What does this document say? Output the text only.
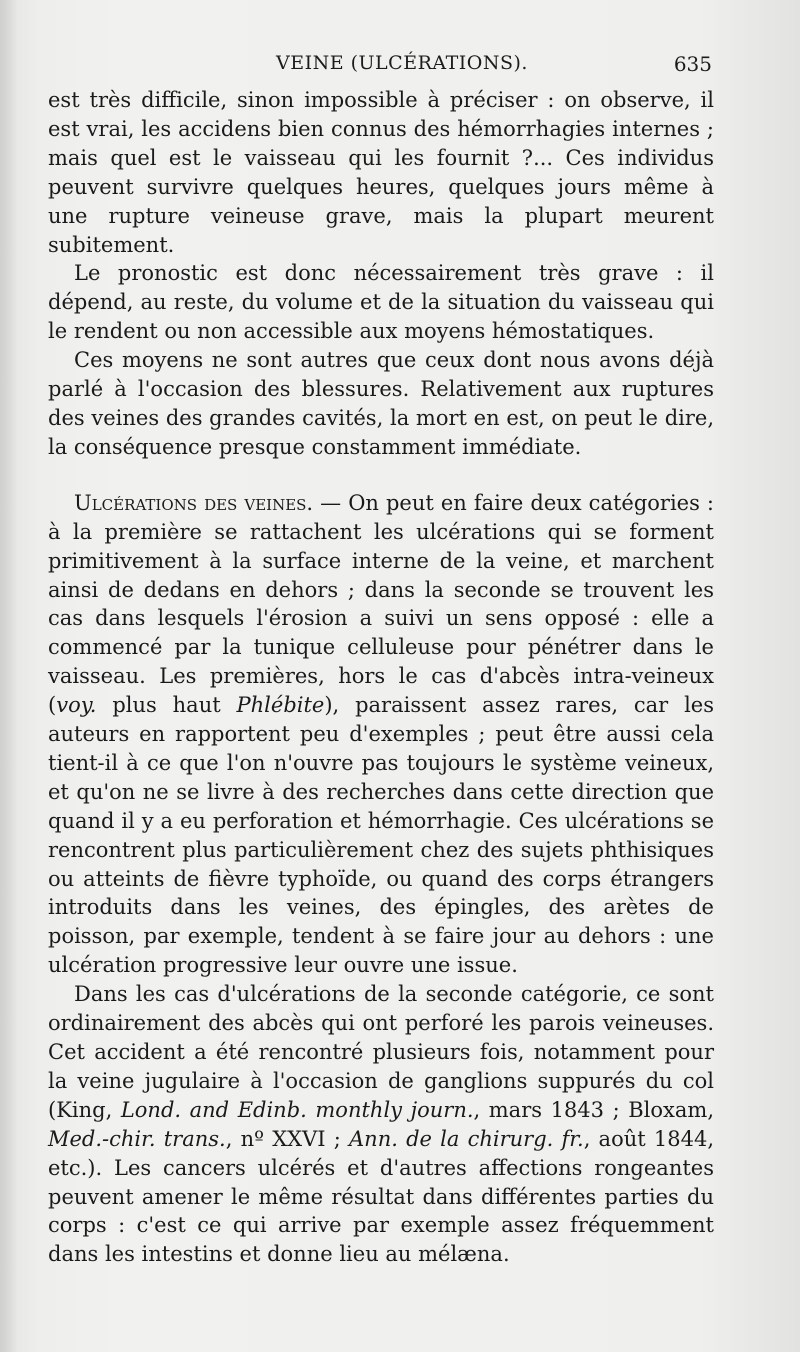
VEINE (ULCÉRATIONS).	635

est très difficile, sinon impossible à préciser : on observe, il est vrai, les accidens bien connus des hémorrhagies internes ; mais quel est le vaisseau qui les fournit ?... Ces individus peuvent survivre quelques heures, quelques jours même à une rupture veineuse grave, mais la plupart meurent subitement.

Le pronostic est donc nécessairement très grave : il dépend, au reste, du volume et de la situation du vaisseau qui le rendent ou non accessible aux moyens hémostatiques.

Ces moyens ne sont autres que ceux dont nous avons déjà parlé à l'occasion des blessures. Relativement aux ruptures des veines des grandes cavités, la mort en est, on peut le dire, la conséquence presque constamment immédiate.

Ulcérations des veines. — On peut en faire deux catégories : à la première se rattachent les ulcérations qui se forment primitivement à la surface interne de la veine, et marchent ainsi de dedans en dehors ; dans la seconde se trouvent les cas dans lesquels l'érosion a suivi un sens opposé : elle a commencé par la tunique celluleuse pour pénétrer dans le vaisseau. Les premières, hors le cas d'abcès intra-veineux (voy. plus haut Phlébite), paraissent assez rares, car les auteurs en rapportent peu d'exemples ; peut être aussi cela tient-il à ce que l'on n'ouvre pas toujours le système veineux, et qu'on ne se livre à des recherches dans cette direction que quand il y a eu perforation et hémorrhagie. Ces ulcérations se rencontrent plus particulièrement chez des sujets phthisiques ou atteints de fièvre typhoïde, ou quand des corps étrangers introduits dans les veines, des épingles, des arètes de poisson, par exemple, tendent à se faire jour au dehors : une ulcération progressive leur ouvre une issue.

Dans les cas d'ulcérations de la seconde catégorie, ce sont ordinairement des abcès qui ont perforé les parois veineuses. Cet accident a été rencontré plusieurs fois, notamment pour la veine jugulaire à l'occasion de ganglions suppurés du col (King, Lond. and Edinb. monthly journ., mars 1843 ; Bloxam, Med.-chir. trans., nº XXVI ; Ann. de la chirurg. fr., août 1844, etc.). Les cancers ulcérés et d'autres affections rongeantes peuvent amener le même résultat dans différentes parties du corps : c'est ce qui arrive par exemple assez fréquemment dans les intestins et donne lieu au mélæna.
